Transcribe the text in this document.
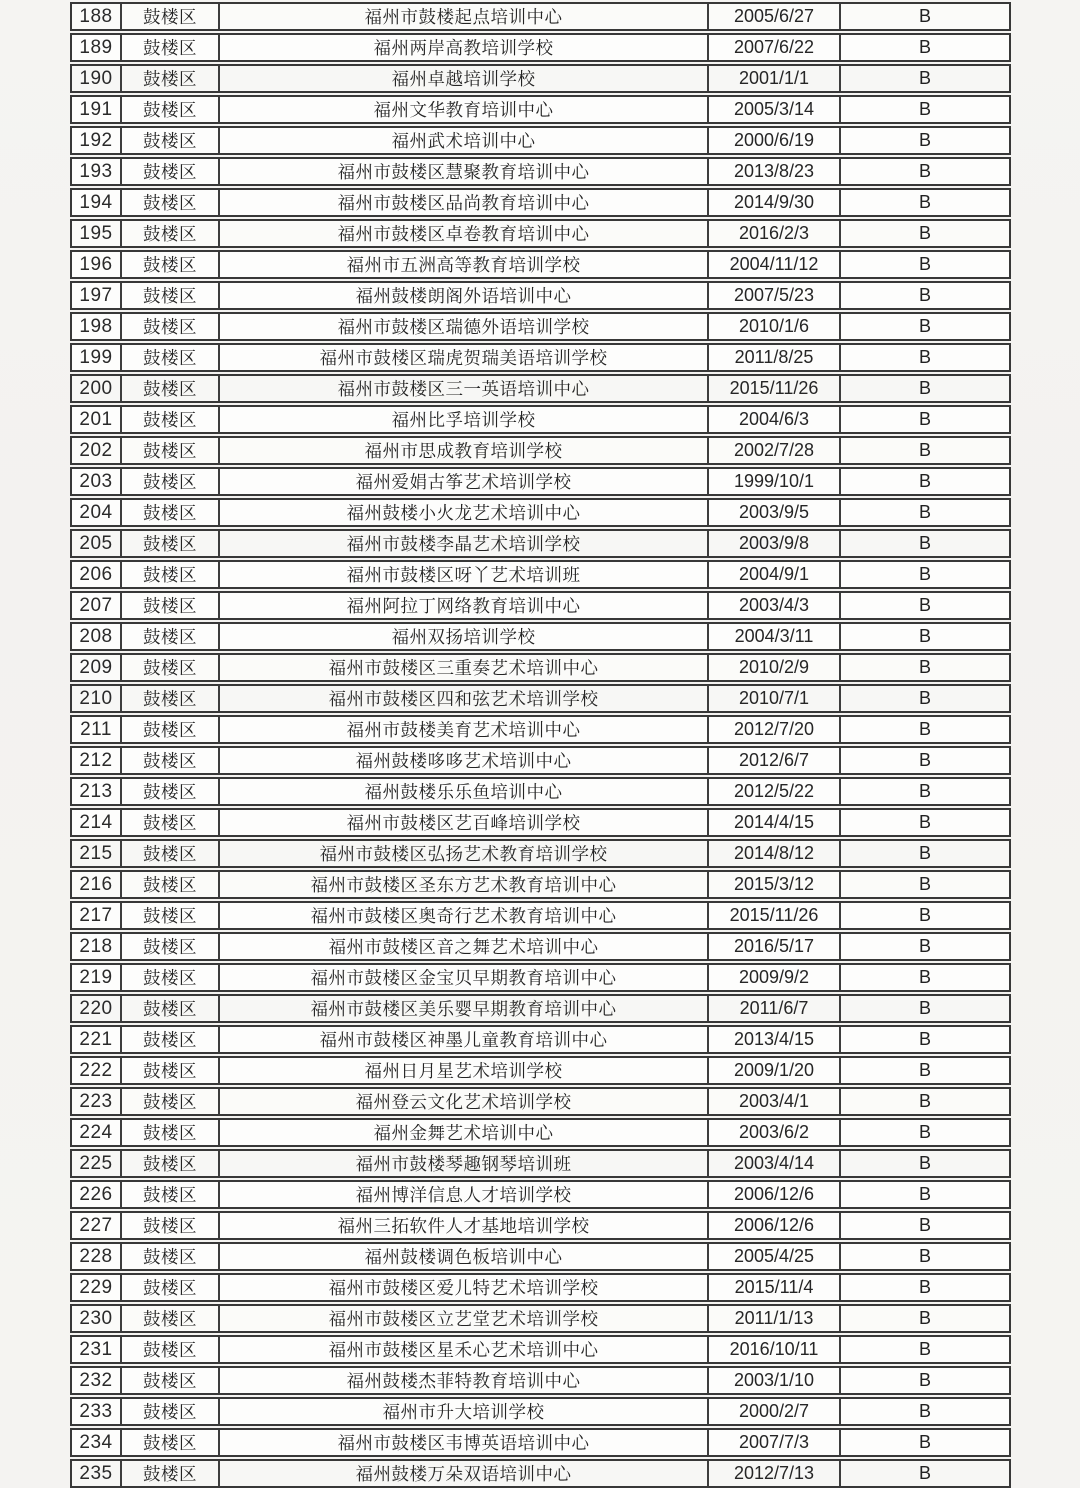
188	鼓楼区	福州市鼓楼起点培训中心	2005/6/27	B
189	鼓楼区	福州两岸高教培训学校	2007/6/22	B
190	鼓楼区	福州卓越培训学校	2001/1/1	B
191	鼓楼区	福州文华教育培训中心	2005/3/14	B
192	鼓楼区	福州武术培训中心	2000/6/19	B
193	鼓楼区	福州市鼓楼区慧聚教育培训中心	2013/8/23	B
194	鼓楼区	福州市鼓楼区品尚教育培训中心	2014/9/30	B
195	鼓楼区	福州市鼓楼区卓卷教育培训中心	2016/2/3	B
196	鼓楼区	福州市五洲高等教育培训学校	2004/11/12	B
197	鼓楼区	福州鼓楼朗阁外语培训中心	2007/5/23	B
198	鼓楼区	福州市鼓楼区瑞德外语培训学校	2010/1/6	B
199	鼓楼区	福州市鼓楼区瑞虎贺瑞美语培训学校	2011/8/25	B
200	鼓楼区	福州市鼓楼区三一英语培训中心	2015/11/26	B
201	鼓楼区	福州比孚培训学校	2004/6/3	B
202	鼓楼区	福州市思成教育培训学校	2002/7/28	B
203	鼓楼区	福州爱娟古筝艺术培训学校	1999/10/1	B
204	鼓楼区	福州鼓楼小火龙艺术培训中心	2003/9/5	B
205	鼓楼区	福州市鼓楼李晶艺术培训学校	2003/9/8	B
206	鼓楼区	福州市鼓楼区呀丫艺术培训班	2004/9/1	B
207	鼓楼区	福州阿拉丁网络教育培训中心	2003/4/3	B
208	鼓楼区	福州双扬培训学校	2004/3/11	B
209	鼓楼区	福州市鼓楼区三重奏艺术培训中心	2010/2/9	B
210	鼓楼区	福州市鼓楼区四和弦艺术培训学校	2010/7/1	B
211	鼓楼区	福州市鼓楼美育艺术培训中心	2012/7/20	B
212	鼓楼区	福州鼓楼哆哆艺术培训中心	2012/6/7	B
213	鼓楼区	福州鼓楼乐乐鱼培训中心	2012/5/22	B
214	鼓楼区	福州市鼓楼区艺百峰培训学校	2014/4/15	B
215	鼓楼区	福州市鼓楼区弘扬艺术教育培训学校	2014/8/12	B
216	鼓楼区	福州市鼓楼区圣东方艺术教育培训中心	2015/3/12	B
217	鼓楼区	福州市鼓楼区奥奇行艺术教育培训中心	2015/11/26	B
218	鼓楼区	福州市鼓楼区音之舞艺术培训中心	2016/5/17	B
219	鼓楼区	福州市鼓楼区金宝贝早期教育培训中心	2009/9/2	B
220	鼓楼区	福州市鼓楼区美乐婴早期教育培训中心	2011/6/7	B
221	鼓楼区	福州市鼓楼区神墨儿童教育培训中心	2013/4/15	B
222	鼓楼区	福州日月星艺术培训学校	2009/1/20	B
223	鼓楼区	福州登云文化艺术培训学校	2003/4/1	B
224	鼓楼区	福州金舞艺术培训中心	2003/6/2	B
225	鼓楼区	福州市鼓楼琴趣钢琴培训班	2003/4/14	B
226	鼓楼区	福州博洋信息人才培训学校	2006/12/6	B
227	鼓楼区	福州三拓软件人才基地培训学校	2006/12/6	B
228	鼓楼区	福州鼓楼调色板培训中心	2005/4/25	B
229	鼓楼区	福州市鼓楼区爱儿特艺术培训学校	2015/11/4	B
230	鼓楼区	福州市鼓楼区立艺堂艺术培训学校	2011/1/13	B
231	鼓楼区	福州市鼓楼区星禾心艺术培训中心	2016/10/11	B
232	鼓楼区	福州鼓楼杰菲特教育培训中心	2003/1/10	B
233	鼓楼区	福州市升大培训学校	2000/2/7	B
234	鼓楼区	福州市鼓楼区韦博英语培训中心	2007/7/3	B
235	鼓楼区	福州鼓楼万朵双语培训中心	2012/7/13	B
